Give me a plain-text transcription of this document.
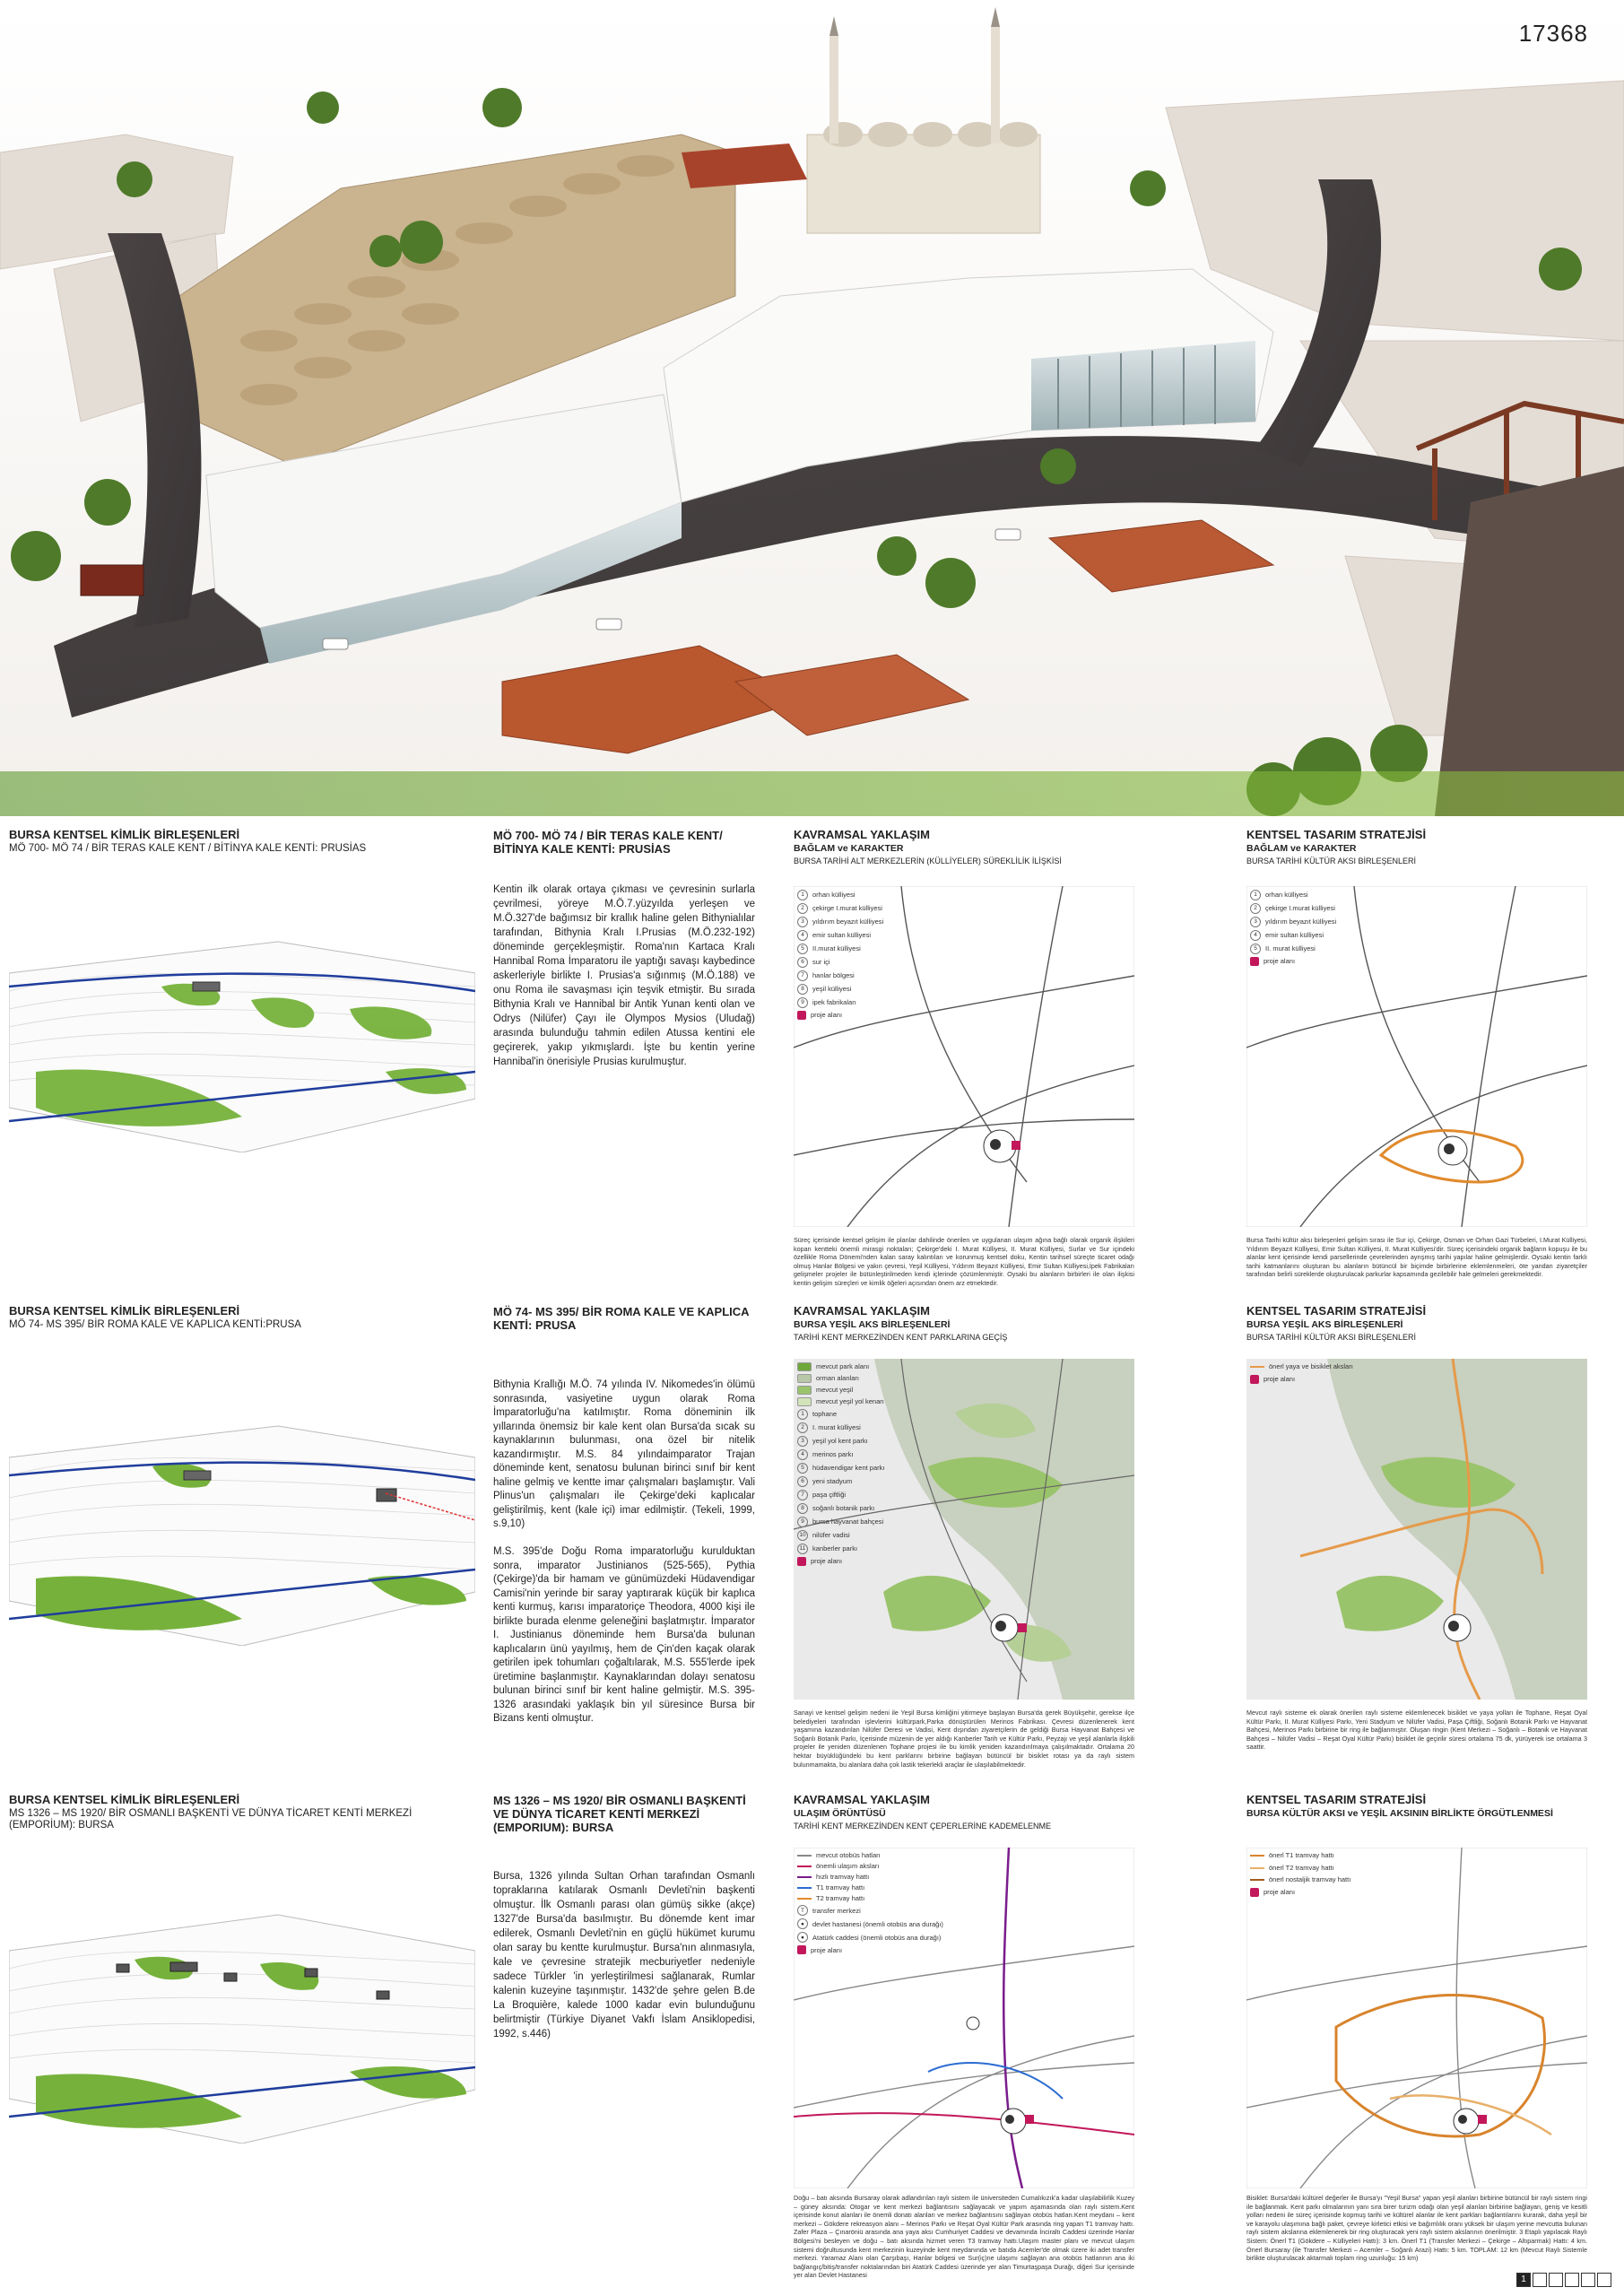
17368
BURSA KENTSEL KİMLİK BİRLEŞENLERİ
MÖ 700- MÖ 74 / BİR TERAS KALE KENT / BİTİNYA KALE KENTİ: PRUSİAS
MÖ 700- MÖ 74 / BİR TERAS KALE KENT/ BİTİNYA KALE KENTİ: PRUSİAS
Kentin ilk olarak ortaya çıkması ve çevresinin surlarla çevrilmesi, yöreye M.Ö.7.yüzyılda yerleşen ve M.Ö.327'de bağımsız bir krallık haline gelen Bithynialılar tarafından, Bithynia Kralı I.Prusias (M.Ö.232-192) döneminde gerçekleşmiştir. Roma'nın Kartaca Kralı Hannibal Roma İmparatoru ile yaptığı savaşı kaybedince askerleriyle birlikte I. Prusias'a sığınmış (M.Ö.188) ve onu Roma ile savaşması için teşvik etmiştir. Bu sırada Bithynia Kralı ve Hannibal bir Antik Yunan kenti olan ve Odrys (Nilüfer) Çayı ile Olympos Mysios (Uludağ) arasında bulunduğu tahmin edilen Atussa kentini ele geçirerek, yakıp yıkmışlardı. İşte bu kentin yerine Hannibal'in önerisiyle Prusias kurulmuştur.
KAVRAMSAL YAKLAŞIM
BAĞLAM ve KARAKTER
BURSA TARİHİ ALT MERKEZLERİN (KÜLLİYELER) SÜREKLİLİK İLİŞKİSİ
1	orhan külliyesi
2	çekirge I.murat külliyesi
3	yıldırım beyazıt külliyesi
4	emir sultan külliyesi
5	II.murat külliyesi
6	sur içi
7	hanlar bölgesi
8	yeşil külliyesi
9	ipek fabrikaları
proje alanı
Süreç içerisinde kentsel gelişim ile planlar dahilinde önerilen ve uygulanan ulaşım ağına bağlı olarak organik ilişkileri kopan kentteki önemli mirasgi noktaları; Çekirge'deki I. Murat Külliyesi, II. Murat Külliyesi, Surlar ve Sur içindeki özellikle Roma Dönemi'nden kalan saray kalıntıları ve korunmuş kentsel doku, Kentin tarihsel süreçte ticaret odağı olmuş Hanlar Bölgesi ve yakın çevresi, Yeşil Külliyesi, Yıldırım Beyazıt Külliyesi, Emir Sultan Külliyesi,İpek Fabrikaları gelişmeler projeler ile bütünleştirilmeden kendi içlerinde çözümlenmiştir. Oysaki bu alanların birbirleri ile olan ilişkisi kentin gelişim süreçleri ve kimlik öğeleri açısından önem arz etmektedir.
KENTSEL TASARIM STRATEJİSİ
BAĞLAM ve KARAKTER
BURSA TARİHİ KÜLTÜR AKSI BİRLEŞENLERİ
1	orhan külliyesi
2	çekirge I.murat külliyesi
3	yıldırım beyazıt külliyesi
4	emir sultan külliyesi
5	II. murat külliyesi
proje alanı
Bursa Tarihi kültür aksı birleşenleri gelişim sırası ile Sur içi, Çekirge, Osman ve Orhan Gazi Türbeleri, I.Murat Külliyesi, Yıldırım Beyazıt Külliyesi, Emir Sultan Külliyesi, II. Murat Külliyesi'dir. Süreç içerisindeki organik bağların kopuşu ile bu alanlar kent içerisinde kendi parsellerinde çevrelerinden ayrışmış tarihi yapılar haline gelmişlerdir. Oysaki kentin farklı tarihi katmanlarını oluşturan bu alanların bütüncül bir biçimde birbirlerine eklemlenmeleri, öte yandan ziyaretçiler tarafından belirli süreklerde oluşturulacak parkurlar kapsamında gezilebilir hale gelmeleri gerekmektedir.
BURSA KENTSEL KİMLİK BİRLEŞENLERİ
MÖ 74- MS 395/ BİR ROMA KALE VE KAPLICA KENTİ:PRUSA
MÖ 74- MS 395/ BİR ROMA KALE VE KAPLICA KENTİ: PRUSA
Bithynia Krallığı M.Ö. 74 yılında IV. Nikomedes'in ölümü sonrasında, vasiyetine uygun olarak Roma İmparatorluğu'na katılmıştır. Roma döneminin ilk yıllarında önemsiz bir kale kent olan Bursa'da sıcak su kaynaklarının bulunması, ona özel bir nitelik kazandırmıştır. M.S. 84 yılındaimparator Trajan döneminde kent, senatosu bulunan birinci sınıf bir kent haline gelmiş ve kentte imar çalışmaları başlamıştır. Vali Plinus'un çalışmaları ile Çekirge'deki kaplıcalar geliştirilmiş, kent (kale içi) imar edilmiştir. (Tekeli, 1999, s.9,10)

M.S. 395'de Doğu Roma imparatorluğu kurulduktan sonra, imparator Justinianos (525-565), Pythia (Çekirge)'da bir hamam ve günümüzdeki Hüdavendigar Camisi'nin yerinde bir saray yaptırarak küçük bir kaplıca kenti kurmuş, karısı imparatoriçe Theodora, 4000 kişi ile birlikte burada elenme geleneğini başlatmıştır. İmparator I. Justinianus döneminde hem Bursa'da bulunan kaplıcaların ünü yayılmış, hem de Çin'den kaçak olarak getirilen ipek tohumları çoğaltılarak, M.S. 555'lerde ipek üretimine başlanmıştır. Kaynaklarından dolayı senatosu bulunan birinci sınıf bir kent haline gelmiştir. M.S. 395- 1326 arasındaki yaklaşık bin yıl süresince Bursa bir Bizans kenti olmuştur.
KAVRAMSAL YAKLAŞIM
BURSA YEŞİL AKS BİRLEŞENLERİ
TARİHİ KENT MERKEZİNDEN KENT PARKLARINA GEÇİŞ
mevcut park alanı
orman alanları
mevcut yeşil
mevcut yeşil yol kenarı
1	tophane
2	I. murat külliyesi
3	yeşil yol kent parkı
4	merinos parkı
5	hüdavendigar kent parkı
6	yeni stadyum
7	paşa çiftliği
8	soğanlı botanik parkı
9	bursa hayvanat bahçesi
10 nilüfer vadisi
11	kanberler parkı
proje alanı
Sanayi ve kentsel gelişim nedeni ile Yeşil Bursa kimliğini yitirmeye başlayan Bursa'da gerek Büyükşehir, gerekse ilçe belediyeleri tarafından işlevlerini kültürpark,Parka dönüştürülen Merinos Fabrikası. Çevresi düzenlenerek kent yaşamına kazandırılan Nilüfer Deresi ve Vadisi, Kent dışından ziyaretçilerin de geldiği Bursa Hayvanat Bahçesi ve Soğanlı Botanik Parkı, İçerisinde müzenin de yer aldığı Kanberler Tarih ve Kültür Parkı, Peyzajı ve yeşil alanlarla ilişkili projeler ile yeniden düzenlenen Tophane projesi ile bu kimlik yeniden kazandırılmaya çalışılmaktadır. Ortalama 20 hektar büyüklüğündeki bu kent parklarını birbirine bağlayan bütüncül bir bisiklet rotası ya da raylı sistem bulunmamakta, bu alanlara daha çok lastik tekerlekli araçlar ile ulaşılabilmektedir.
KENTSEL TASARIM STRATEJİSİ
BURSA YEŞİL AKS BİRLEŞENLERİ
BURSA TARİHİ KÜLTÜR AKSI BİRLEŞENLERİ
önerl yaya ve bisiklet aksları
proje alanı
Mevcut raylı sisteme ek olarak önerilen raylı sisteme eklemlenecek bisiklet ve yaya yolları ile Tophane, Reşat Oyal Kültür Parkı, II. Murat Külliyesi Parkı, Yeni Stadyum ve Nilüfer Vadisi, Paşa Çiftliği, Soğanlı Botanik Parkı ve Hayvanat Bahçesi, Merinos Parkı birbirine bir ring ile bağlanmıştır. Oluşan ringin (Kent Merkezi – Soğanlı – Botanik ve Hayvanat Bahçesi – Nilüfer Vadisi – Reşat Oyal Kültür Parkı) bisiklet ile geçirilir süresi ortalama 75 dk, yürüyerek ise ortalama 3 saattir.
BURSA KENTSEL KİMLİK BİRLEŞENLERİ
MS 1326 – MS 1920/ BİR OSMANLI BAŞKENTİ VE DÜNYA TİCARET KENTİ MERKEZİ (EMPORİUM): BURSA
MS 1326 – MS 1920/ BİR OSMANLI BAŞKENTİ VE DÜNYA TİCARET KENTİ MERKEZİ (EMPORIUM): BURSA
Bursa, 1326 yılında Sultan Orhan tarafından Osmanlı topraklarına katılarak Osmanlı Devleti'nin başkenti olmuştur. İlk Osmanlı parası olan gümüş sikke (akçe) 1327'de Bursa'da basılmıştır. Bu dönemde kent imar edilerek, Osmanlı Devleti'nin en güçlü hükümet kurumu olan saray bu kentte kurulmuştur. Bursa'nın alınmasıyla, kale ve çevresine stratejik mecburiyetler nedeniyle sadece Türkler 'in yerleştirilmesi sağlanarak, Rumlar kalenin kuzeyine taşınmıştır. 1432'de şehre gelen B.de La Broquière, kalede 1000 kadar evin bulunduğunu belirtmiştir (Türkiye Diyanet Vakfı İslam Ansiklopedisi, 1992, s.446)
KAVRAMSAL YAKLAŞIM
ULAŞIM ÖRÜNTÜSÜ
TARİHİ KENT MERKEZİNDEN KENT ÇEPERLERİNE KADEMELENME
mevcut otobüs hatları
önemli ulaşım aksları
hızlı tramvay hattı
T1 tramvay hattı
T2 tramvay hattı
T	transfer merkezi
●	devlet hastanesi (önemli otobüs ana durağı)
●	Atatürk caddesi (önemli otobüs ana durağı)
proje alanı
Doğu – batı aksında Bursaray olarak adlandırılan raylı sistem ile üniversiteden Cumalıkızık'a kadar ulaşılabilirlik Kuzey – güney aksında: Otogar ve kent merkezi bağlantısını sağlayacak ve yapım aşamasında olan raylı sistem.Kent içerisinde konut alanları ile önemli donatı alanları ve merkez bağlantısını sağlayan otobüs hatları.Kent meydanı – kent merkezi – Gökdere rekreasyon alanı – Merinos Parkı ve Reşat Oyal Kültür Park arasında ring yapan T1 tramvay hattı. Zafer Plaza – Çınaröniü arasında ana yaya aksı Cumhuriyet Caddesi ve devamında İnciraltı Caddesi üzerinde Hanlar Bölgesi'ni besleyen ve doğu – batı aksında hizmet veren T3 tramvay hattı.Ulaşım master planı ve mevcut ulaşım sistemi doğrultusunda kent merkezinin kuzeyinde kent meydanında ve batıda Acemler'de olmak üzere iki adet transfer merkezi. Yaramaz Alanı olan Çarşıbaşı, Hanlar bölgesi ve Sur(iç)ne ulaşımı sağlayan ana otobüs hatlarının ana iki bağlangıç/bitiş/transfer noktalarından biri Atatürk Caddesi üzerinde yer alan Timurtaşpaşa Durağı, diğeri Sur içerisinde yer alan Devlet Hastanesi
KENTSEL TASARIM STRATEJİSİ
BURSA KÜLTÜR AKSI ve YEŞİL AKSININ BİRLİKTE ÖRGÜTLENMESİ
önerl T1 tramvay hattı
önerl T2 tramvay hattı
önerl nostaljik tramvay hattı
proje alanı
Bisiklet: Bursa'daki kültürel değerler ile Bursa'yı "Yeşil Bursa" yapan yeşil alanları birbirine bütüncül bir raylı sistem ringi ile bağlanmak. Kent parkı olmalarının yanı sıra birer turizm odağı olan yeşil alanları birbirine bağlayan, geniş ve kesitli yolları nedeni ile süreç içerisinde kopmuş tarihi ve kültürel alanlar ile kent parkları bağlantılarını kurarak, daha yeşil bir ve karayolu ulaşımına bağlı paket, çevreye kirletici etkisi ve bağımlılık oranı yüksek bir ulaşım yerine mevcutta bulunan raylı sistem akslarına eklemlenerek bir ring oluşturacak yeni raylı sistem akslarının önerilmiştir. 3 Etaplı yapılacak Raylı Sistem: Önerl T1 (Gökdere – Külliyeleri Hattı): 3 km. Önerl T1 (Transfer Merkezi – Çekirge – Altıparmak) Hattı: 4 km. Önerl Bursaray (ile Transfer Merkezi – Acemler – Soğanlı Arazi) Hattı: 5 km. TOPLAM: 12 km (Mevcut Raylı Sistemle birlikte oluşturulacak aktarmalı toplam ring uzunluğu: 15 km)
1
